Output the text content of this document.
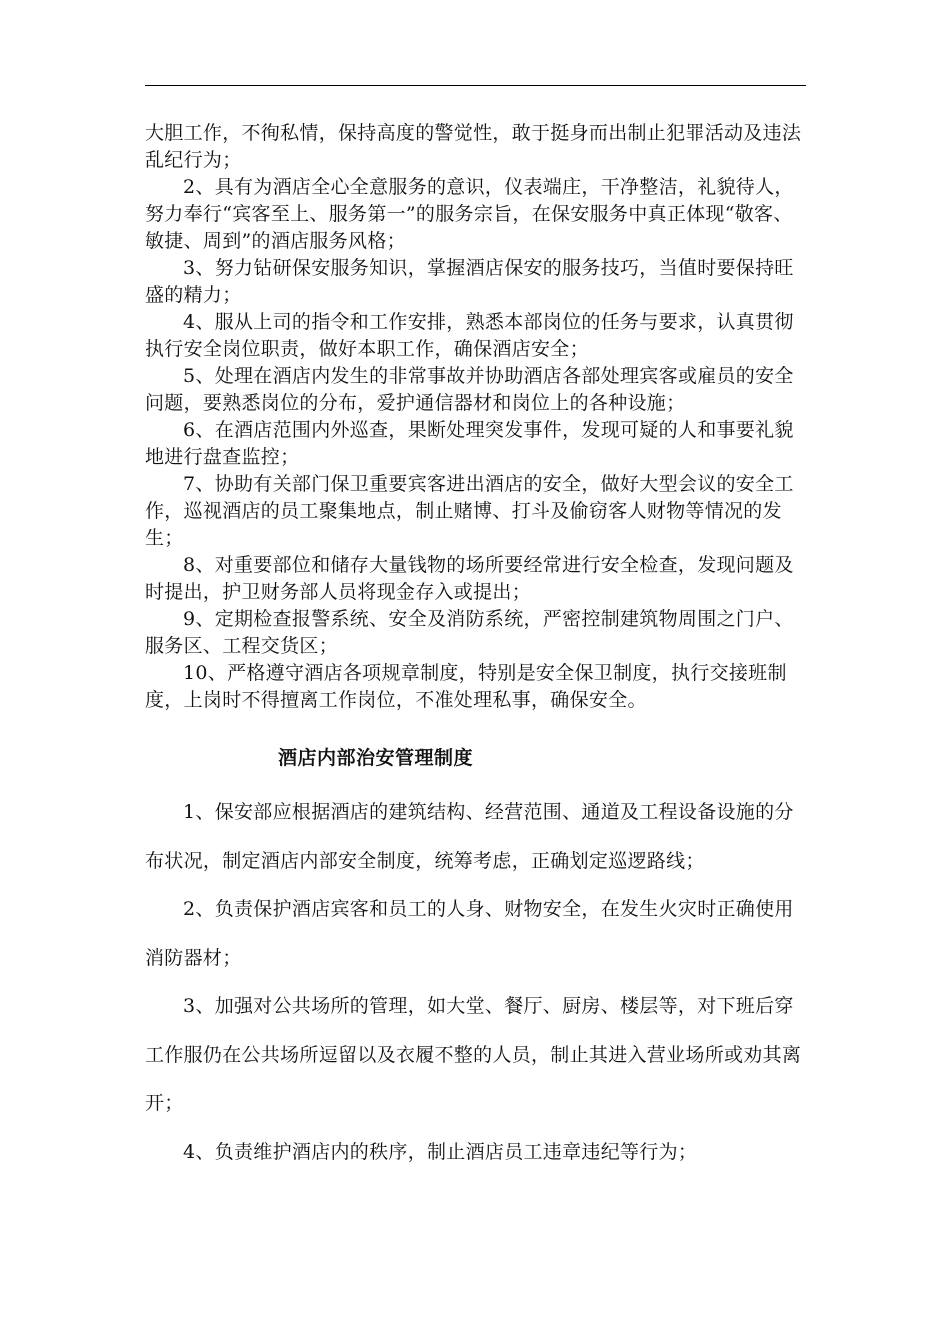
大胆工作，不徇私情，保持高度的警觉性，敢于挺身而出制止犯罪活动及违法乱纪行为；

2、具有为酒店全心全意服务的意识，仪表端庄，干净整洁，礼貌待人，努力奉行“宾客至上、服务第一”的服务宗旨，在保安服务中真正体现“敬客、敏捷、周到”的酒店服务风格；

3、努力钻研保安服务知识，掌握酒店保安的服务技巧，当值时要保持旺盛的精力；

4、服从上司的指令和工作安排，熟悉本部岗位的任务与要求，认真贯彻执行安全岗位职责，做好本职工作，确保酒店安全；

5、处理在酒店内发生的非常事故并协助酒店各部处理宾客或雇员的安全问题，要熟悉岗位的分布，爱护通信器材和岗位上的各种设施；

6、在酒店范围内外巡查，果断处理突发事件，发现可疑的人和事要礼貌地进行盘查监控；

7、协助有关部门保卫重要宾客进出酒店的安全，做好大型会议的安全工作，巡视酒店的员工聚集地点，制止赌博、打斗及偷窃客人财物等情况的发生；

8、对重要部位和储存大量钱物的场所要经常进行安全检查，发现问题及时提出，护卫财务部人员将现金存入或提出；

9、定期检查报警系统、安全及消防系统，严密控制建筑物周围之门户、服务区、工程交货区；

10、严格遵守酒店各项规章制度，特别是安全保卫制度，执行交接班制度，上岗时不得擅离工作岗位，不准处理私事，确保安全。

酒店内部治安管理制度

1、保安部应根据酒店的建筑结构、经营范围、通道及工程设备设施的分布状况，制定酒店内部安全制度，统筹考虑，正确划定巡逻路线；

2、负责保护酒店宾客和员工的人身、财物安全，在发生火灾时正确使用消防器材；

3、加强对公共场所的管理，如大堂、餐厅、厨房、楼层等，对下班后穿工作服仍在公共场所逗留以及衣履不整的人员，制止其进入营业场所或劝其离开；

4、负责维护酒店内的秩序，制止酒店员工违章违纪等行为；
